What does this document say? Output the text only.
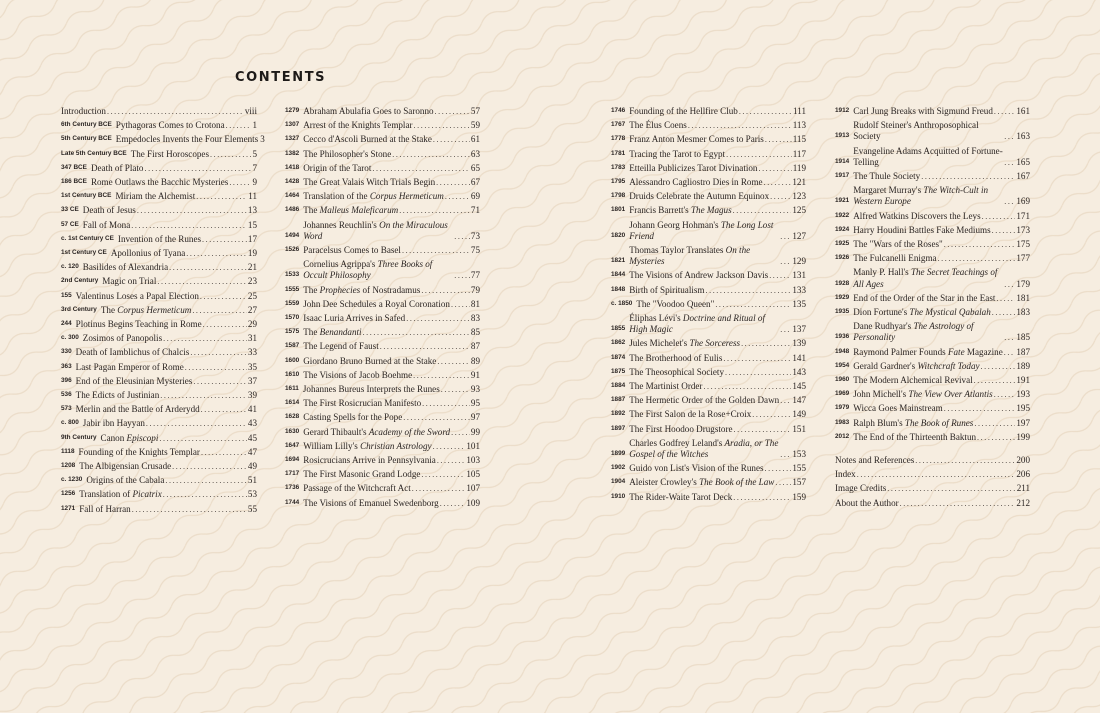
CONTENTS
Introduction .....	viii
6th Century BCE Pythagoras Comes to Crotona .....	1
5th Century BCE Empedocles Invents the Four Elements 3
Late 5th Century BCE The First Horoscopes .....	5
347 BCE Death of Plato .....	7
186 BCE Rome Outlaws the Bacchic Mysteries .....	9
1st Century BCE Miriam the Alchemist .....	11
33 CE Death of Jesus .....	13
57 CE Fall of Mona .....	15
c. 1st Century CE Invention of the Runes .....	17
1st Century CE Apollonius of Tyana .....	19
c. 120 Basilides of Alexandria .....	21
2nd Century Magic on Trial .....	23
155 Valentinus Loses a Papal Election .....	25
3rd Century The Corpus Hermeticum .....	27
244 Plotinus Begins Teaching in Rome .....	29
c. 300 Zosimos of Panopolis .....	31
330 Death of Iamblichus of Chalcis .....	33
363 Last Pagan Emperor of Rome .....	35
396 End of the Eleusinian Mysteries .....	37
536 The Edicts of Justinian .....	39
573 Merlin and the Battle of Arderydd .....	41
c. 800 Jabir ibn Hayyan .....	43
9th Century Canon Episcopi .....	45
1118 Founding of the Knights Templar .....	47
1208 The Albigensian Crusade .....	49
c. 1230 Origins of the Cabala .....	51
1256 Translation of Picatrix .....	53
1271 Fall of Harran .....	55
1279 Abraham Abulafia Goes to Saronno .....	57
1307 Arrest of the Knights Templar .....	59
1327 Cecco d'Ascoli Burned at the Stake .....	61
1382 The Philosopher's Stone .....	63
1418 Origin of the Tarot .....	65
1428 The Great Valais Witch Trials Begin .....	67
1464 Translation of the Corpus Hermeticum .....	69
1486 The Malleus Maleficarum .....	71
1494
Johannes Reuchlin's On the Miraculous Word .....	73
1526 Paracelsus Comes to Basel .....	75
1533
Cornelius Agrippa's Three Books of Occult Philosophy .....	77
1555 The Prophecies of Nostradamus .....	79
1559 John Dee Schedules a Royal Coronation ..... 81
1570 Isaac Luria Arrives in Safed .....	83
1575 The Benandanti .....	85
1587 The Legend of Faust .....	87
1600 Giordano Bruno Burned at the Stake .....	89
1610 The Visions of Jacob Boehme .....	91
1611 Johannes Bureus Interprets the Runes .....	93
1614 The First Rosicrucian Manifesto .....	95
1628 Casting Spells for the Pope .....	97
1630 Gerard Thibault's Academy of the Sword ..... 99
1647 William Lilly's Christian Astrology .....	101
1694 Rosicrucians Arrive in Pennsylvania .....	103
1717 The First Masonic Grand Lodge .....	105
1736 Passage of the Witchcraft Act .....	107
1744 The Visions of Emanuel Swedenborg .....	109
1746 Founding of the Hellfire Club .....	111
1767 The Élus Coens .....	113
1778 Franz Anton Mesmer Comes to Paris .....	115
1781 Tracing the Tarot to Egypt .....	117
1783 Etteilla Publicizes Tarot Divination .....	119
1795 Alessandro Cagliostro Dies in Rome .....	121
1798 Druids Celebrate the Autumn Equinox .....	123
1801 Francis Barrett's The Magus .....	125
1820
Johann Georg Hohman's The Long Lost Friend .....	127
1821
Thomas Taylor Translates On the Mysteries .....	129
1844 The Visions of Andrew Jackson Davis .....	131
1848 Birth of Spiritualism .....	133
c. 1850 The "Voodoo Queen" .....	135
1855
Éliphas Lévi's Doctrine and Ritual of High Magic .....	137
1862 Jules Michelet's The Sorceress .....	139
1874 The Brotherhood of Eulis .....	141
1875 The Theosophical Society .....	143
1884 The Martinist Order .....	145
1887 The Hermetic Order of the Golden Dawn ..... 147
1892 The First Salon de la Rose+Croix .....	149
1897 The First Hoodoo Drugstore .....	151
1899
Charles Godfrey Leland's Aradia, or The Gospel of the Witches .....	153
1902 Guido von List's Vision of the Runes .....	155
1904 Aleister Crowley's The Book of the Law ..... 157
1910 The Rider-Waite Tarot Deck .....	159
1912 Carl Jung Breaks with Sigmund Freud .....	161
1913
Rudolf Steiner's Anthroposophical Society .....	163
1914
Evangeline Adams Acquitted of Fortune-Telling .....	165
1917 The Thule Society .....	167
1921
Margaret Murray's The Witch-Cult in Western Europe .....	169
1922 Alfred Watkins Discovers the Leys .....	171
1924 Harry Houdini Battles Fake Mediums .....	173
1925 The "Wars of the Roses" .....	175
1926 The Fulcanelli Enigma .....	177
1928
Manly P. Hall's The Secret Teachings of All Ages .....	179
1929 End of the Order of the Star in the East ..... 181
1935 Dion Fortune's The Mystical Qabalah .....	183
1936
Dane Rudhyar's The Astrology of Personality .....	185
1948 Raymond Palmer Founds Fate Magazine ..... 187
1954 Gerald Gardner's Witchcraft Today .....	189
1960 The Modern Alchemical Revival .....	191
1969 John Michell's The View Over Atlantis .....	193
1979 Wicca Goes Mainstream .....	195
1983 Ralph Blum's The Book of Runes .....	197
2012 The End of the Thirteenth Baktun .....	199
Notes and References .....	200
Index .....	206
Image Credits .....	211
About the Author .....	212
